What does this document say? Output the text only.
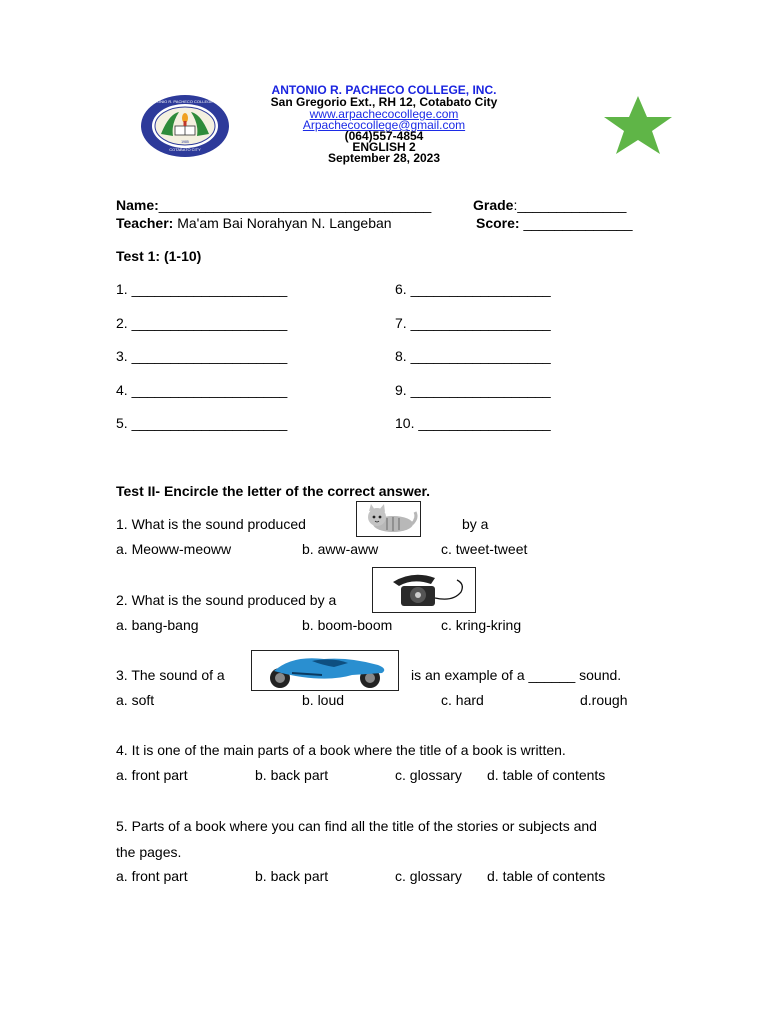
COTABATO CITY
ANTONIO R. PACHECO COLLEGE INC
1985
ANTONIO R. PACHECO COLLEGE, INC.
San Gregorio Ext., RH 12, Cotabato City
www.arpachecocollege.com
Arpachecocollege@gmail.com
(064)557-4854
ENGLISH 2
September 28, 2023
Name:___________________________________	Grade:______________
Teacher: Ma'am Bai Norahyan N. Langeban	Score: ______________
Test 1: (1-10)
1. ____________________
2. ____________________
3. ____________________
4. ____________________
5. ____________________
6. __________________
7. __________________
8. __________________
9. __________________
10. _________________
Test II- Encircle the letter of the correct answer.
1. What is the sound produced	by a
a. Meoww-meoww	b. aww-aww	c. tweet-tweet
2. What is the sound produced by a
a. bang-bang	b. boom-boom	c. kring-kring
3. The sound of a	is an example of a ______ sound.
a. soft	b. loud	c. hard	d.rough
4. It is one of the main parts of a book where the title of a book is written.
a. front part	b. back part	c. glossary d. table of contents
5. Parts of a book where you can find all the title of the stories or subjects and
the pages.
a. front part	b. back part	c. glossary d. table of contents
